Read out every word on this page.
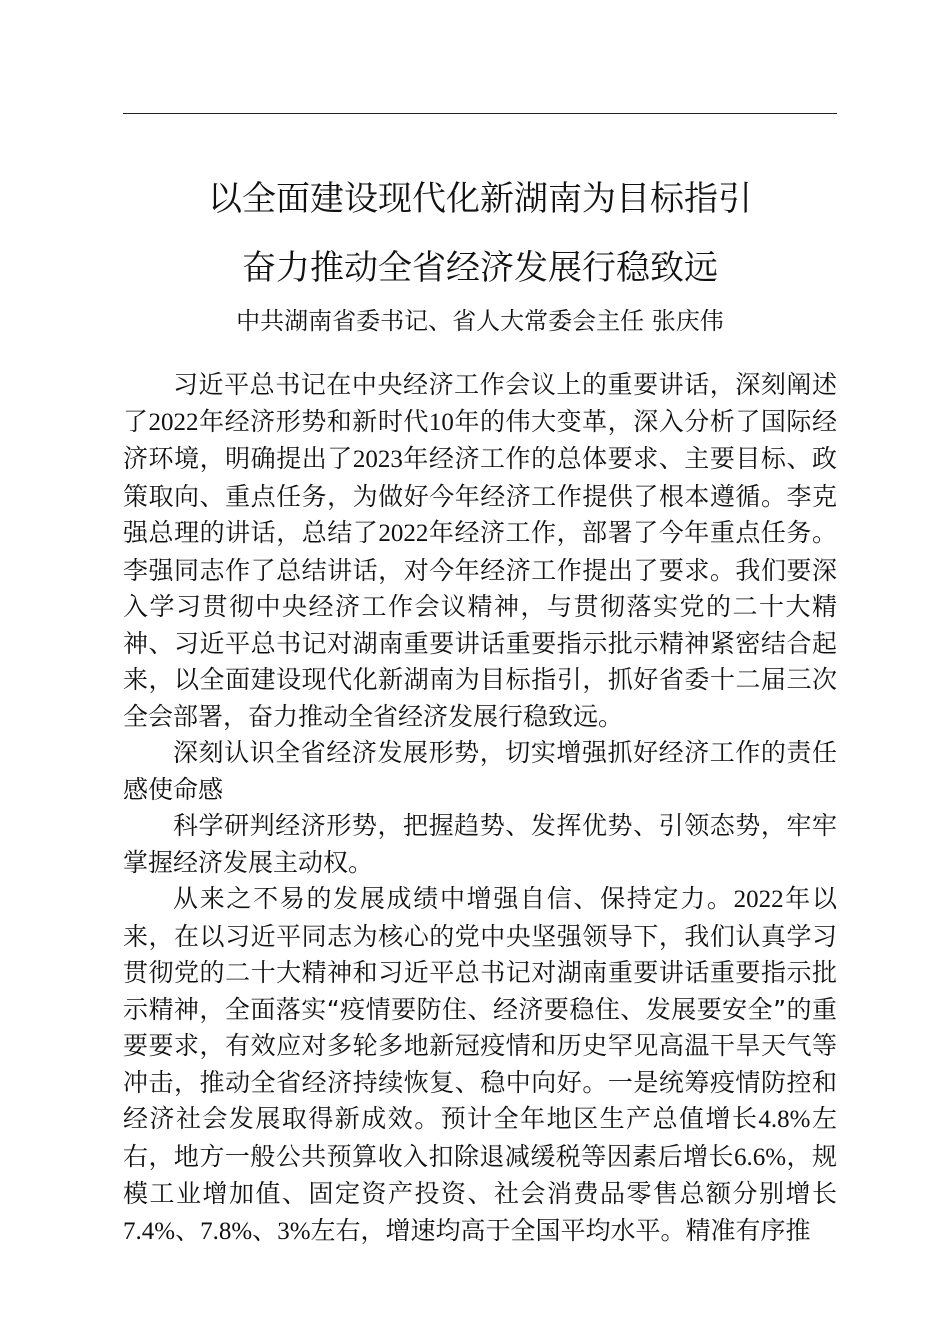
以全面建设现代化新湖南为目标指引
奋力推动全省经济发展行稳致远
中共湖南省委书记、省人大常委会主任 张庆伟

习近平总书记在中央经济工作会议上的重要讲话，深刻阐述了2022年经济形势和新时代10年的伟大变革，深入分析了国际经济环境，明确提出了2023年经济工作的总体要求、主要目标、政策取向、重点任务，为做好今年经济工作提供了根本遵循。李克强总理的讲话，总结了2022年经济工作，部署了今年重点任务。李强同志作了总结讲话，对今年经济工作提出了要求。我们要深入学习贯彻中央经济工作会议精神，与贯彻落实党的二十大精神、习近平总书记对湖南重要讲话重要指示批示精神紧密结合起来，以全面建设现代化新湖南为目标指引，抓好省委十二届三次全会部署，奋力推动全省经济发展行稳致远。

深刻认识全省经济发展形势，切实增强抓好经济工作的责任感使命感

科学研判经济形势，把握趋势、发挥优势、引领态势，牢牢掌握经济发展主动权。

从来之不易的发展成绩中增强自信、保持定力。2022年以来，在以习近平同志为核心的党中央坚强领导下，我们认真学习贯彻党的二十大精神和习近平总书记对湖南重要讲话重要指示批示精神，全面落实“疫情要防住、经济要稳住、发展要安全”的重要要求，有效应对多轮多地新冠疫情和历史罕见高温干旱天气等冲击，推动全省经济持续恢复、稳中向好。一是统筹疫情防控和经济社会发展取得新成效。预计全年地区生产总值增长4.8%左右，地方一般公共预算收入扣除退减缓税等因素后增长6.6%，规模工业增加值、固定资产投资、社会消费品零售总额分别增长7.4%、7.8%、3%左右，增速均高于全国平均水平。精准有序推
